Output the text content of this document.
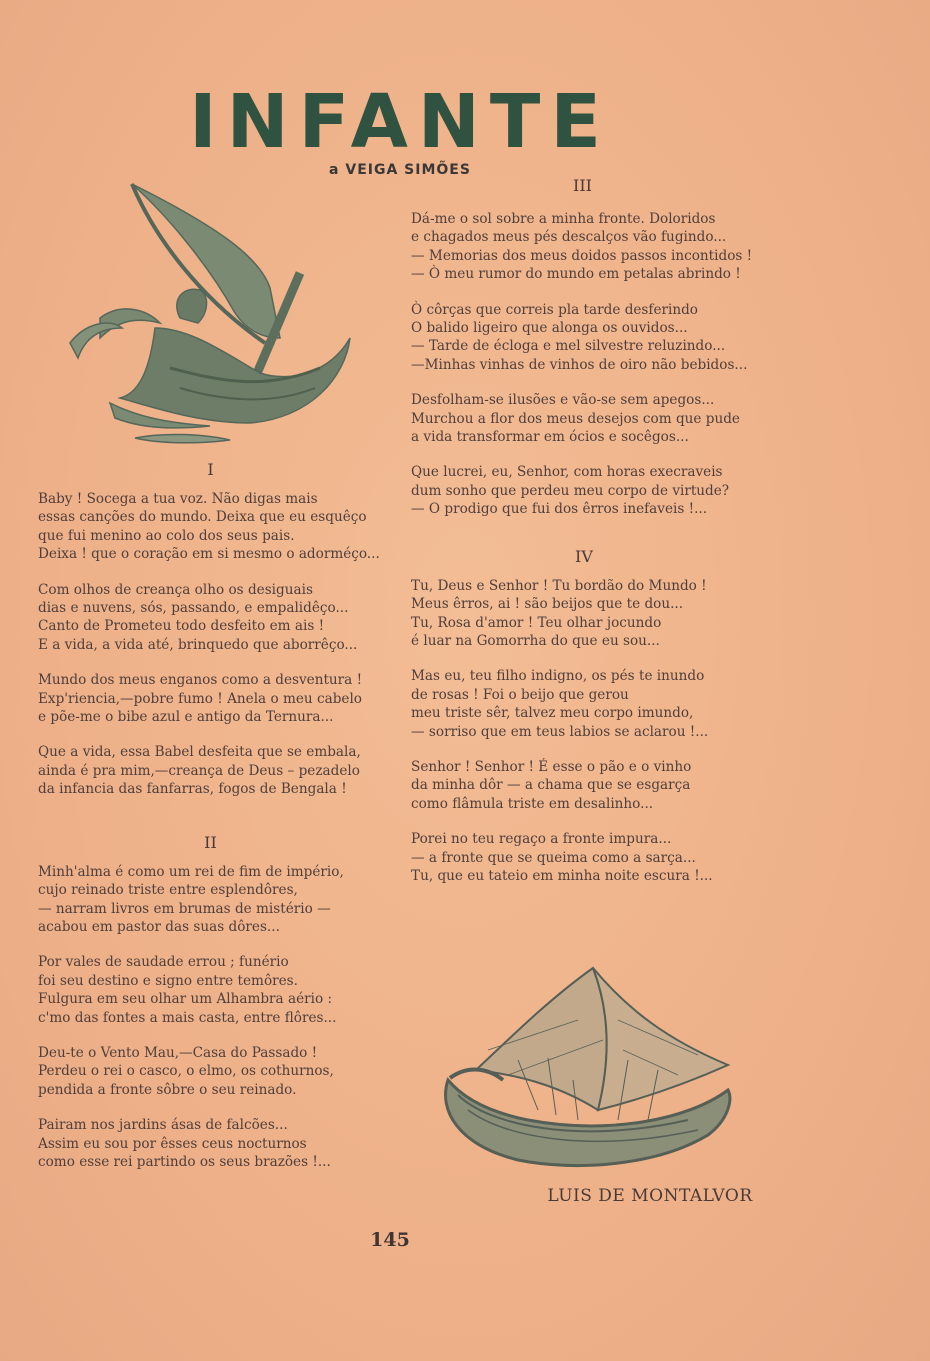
INFANTE
a VEIGA SIMÕES
I
Baby ! Socega a tua voz. Não digas mais
essas canções do mundo. Deixa que eu esquêço
que fui menino ao colo dos seus pais.
Deixa ! que o coração em si mesmo o adorméço...
Com olhos de creança olho os desiguais
dias e nuvens, sós, passando, e empalidêço...
Canto de Prometeu todo desfeito em ais !
E a vida, a vida até, brinquedo que aborrêço...
Mundo dos meus enganos como a desventura !
Exp'riencia,—pobre fumo ! Anela o meu cabelo
e põe-me o bibe azul e antigo da Ternura...
Que a vida, essa Babel desfeita que se embala,
ainda é pra mim,—creança de Deus – pezadelo
da infancia das fanfarras, fogos de Bengala !
II
Minh'alma é como um rei de fim de império,
cujo reinado triste entre esplendôres,
— narram livros em brumas de mistério —
acabou em pastor das suas dôres...
Por vales de saudade errou ; funério
foi seu destino e signo entre temôres.
Fulgura em seu olhar um Alhambra aério :
c'mo das fontes a mais casta, entre flôres...
Deu-te o Vento Mau,—Casa do Passado !
Perdeu o rei o casco, o elmo, os cothurnos,
pendida a fronte sôbre o seu reinado.
Pairam nos jardins ásas de falcões...
Assim eu sou por êsses ceus nocturnos
como esse rei partindo os seus brazões !...
III
Dá-me o sol sobre a minha fronte. Doloridos
e chagados meus pés descalços vão fugindo...
— Memorias dos meus doidos passos incontidos !
— Ò meu rumor do mundo em petalas abrindo !
Ò côrças que correis pla tarde desferindo
O balido ligeiro que alonga os ouvidos...
— Tarde de écloga e mel silvestre reluzindo...
—Minhas vinhas de vinhos de oiro não bebidos...
Desfolham-se ilusões e vão-se sem apegos...
Murchou a flor dos meus desejos com que pude
a vida transformar em ócios e socêgos...
Que lucrei, eu, Senhor, com horas execraveis
dum sonho que perdeu meu corpo de virtude?
— O prodigo que fui dos êrros inefaveis !...
IV
Tu, Deus e Senhor ! Tu bordão do Mundo !
Meus êrros, ai ! são beijos que te dou...
Tu, Rosa d'amor ! Teu olhar jocundo
é luar na Gomorrha do que eu sou...
Mas eu, teu filho indigno, os pés te inundo
de rosas ! Foi o beijo que gerou
meu triste sêr, talvez meu corpo imundo,
— sorriso que em teus labios se aclarou !...
Senhor ! Senhor ! É esse o pão e o vinho
da minha dôr — a chama que se esgarça
como flâmula triste em desalinho...
Porei no teu regaço a fronte impura...
— a fronte que se queima como a sarça...
Tu, que eu tateio em minha noite escura !...
LUIS DE MONTALVOR
145
